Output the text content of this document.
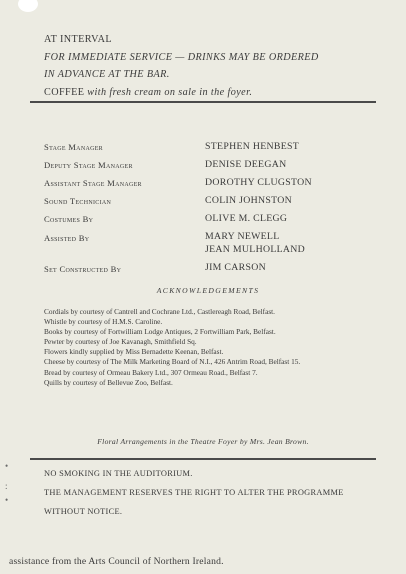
AT INTERVAL
FOR IMMEDIATE SERVICE — DRINKS MAY BE ORDERED
IN ADVANCE AT THE BAR.
COFFEE with fresh cream on sale in the foyer.
Stage Manager	STEPHEN HENBEST
Deputy Stage Manager	DENISE DEEGAN
Assistant Stage Manager	DOROTHY CLUGSTON
Sound Technician	COLIN JOHNSTON
Costumes By	OLIVE M. CLEGG
Assisted By	MARY NEWELL
JEAN MULHOLLAND
Set Constructed By	JIM CARSON
ACKNOWLEDGEMENTS
Cordials by courtesy of Cantrell and Cochrane Ltd., Castlereagh Road, Belfast.
Whistle by courtesy of H.M.S. Caroline.
Books by courtesy of Fortwilliam Lodge Antiques, 2 Fortwilliam Park, Belfast.
Pewter by courtesy of Joe Kavanagh, Smithfield Sq.
Flowers kindly supplied by Miss Bernadette Keenan, Belfast.
Cheese by courtesy of The Milk Marketing Board of N.I., 426 Antrim Road, Belfast 15.
Bread by courtesy of Ormeau Bakery Ltd., 307 Ormeau Road., Belfast 7.
Quills by courtesy of Bellevue Zoo, Belfast.
Floral Arrangements in the Theatre Foyer by Mrs. Jean Brown.
NO SMOKING IN THE AUDITORIUM.
THE MANAGEMENT RESERVES THE RIGHT TO ALTER THE PROGRAMME
WITHOUT NOTICE.
•
:
•
assistance from the Arts Council of Northern Ireland.
